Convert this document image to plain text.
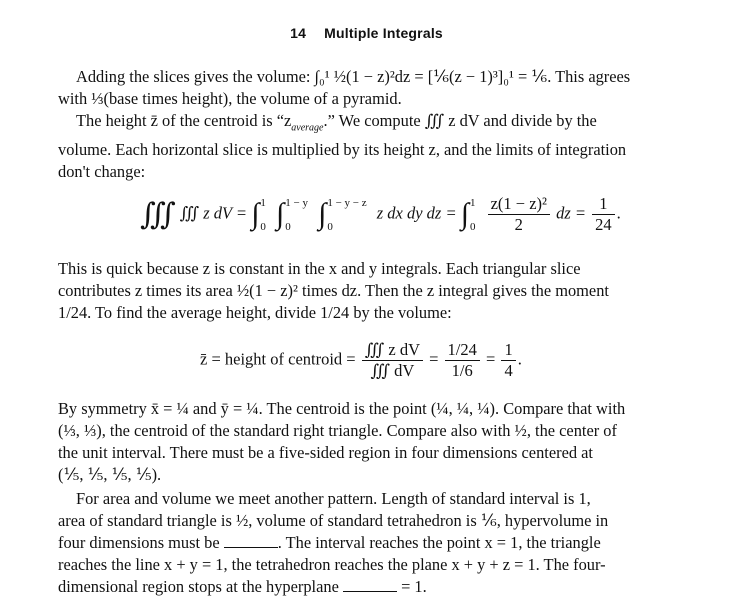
14 Multiple Integrals
Adding the slices gives the volume: ∫₀¹ ½(1 − z)²dz = [⅙(z − 1)³]₀¹ = ⅙. This agrees
with ⅓(base times height), the volume of a pyramid.
The height z̄ of the centroid is “$z_{average}$.” We compute ∭ z dV and divide by the
volume. Each horizontal slice is multiplied by its height z, and the limits of integration
don't change:
∭ ∭ z dV = ∫ 1
0 ∫ 1 − y
0 ∫ 1 − y − z
0
z dx dy dz = ∫ 1
0
$\frac{\text{z(1 − z)²}}{2}$ dz = $\frac{1}{24}$ .
This is quick because z is constant in the x and y integrals. Each triangular slice
contributes z times its area ½(1 − z)² times dz. Then the z integral gives the moment
1/24. To find the average height, divide 1/24 by the volume:
z̄ = height of centroid = $\frac{\text{∭ z dV}}{∭ dV} = \frac{1/24}{1/6} = \frac{1}{4}$ .
By symmetry x̄ = ¼ and ȳ = ¼. The centroid is the point (¼, ¼, ¼). Compare that with
(⅓, ⅓), the centroid of the standard right triangle. Compare also with ½, the center of
the unit interval. There must be a five-sided region in four dimensions centered at
(⅕, ⅕, ⅕, ⅕).
For area and volume we meet another pattern. Length of standard interval is 1,
area of standard triangle is ½, volume of standard tetrahedron is ⅙, hypervolume in
four dimensions must be	. The interval reaches the point x = 1, the triangle
reaches the line x + y = 1, the tetrahedron reaches the plane x + y + z = 1. The four-
dimensional region stops at the hyperplane	= 1.
